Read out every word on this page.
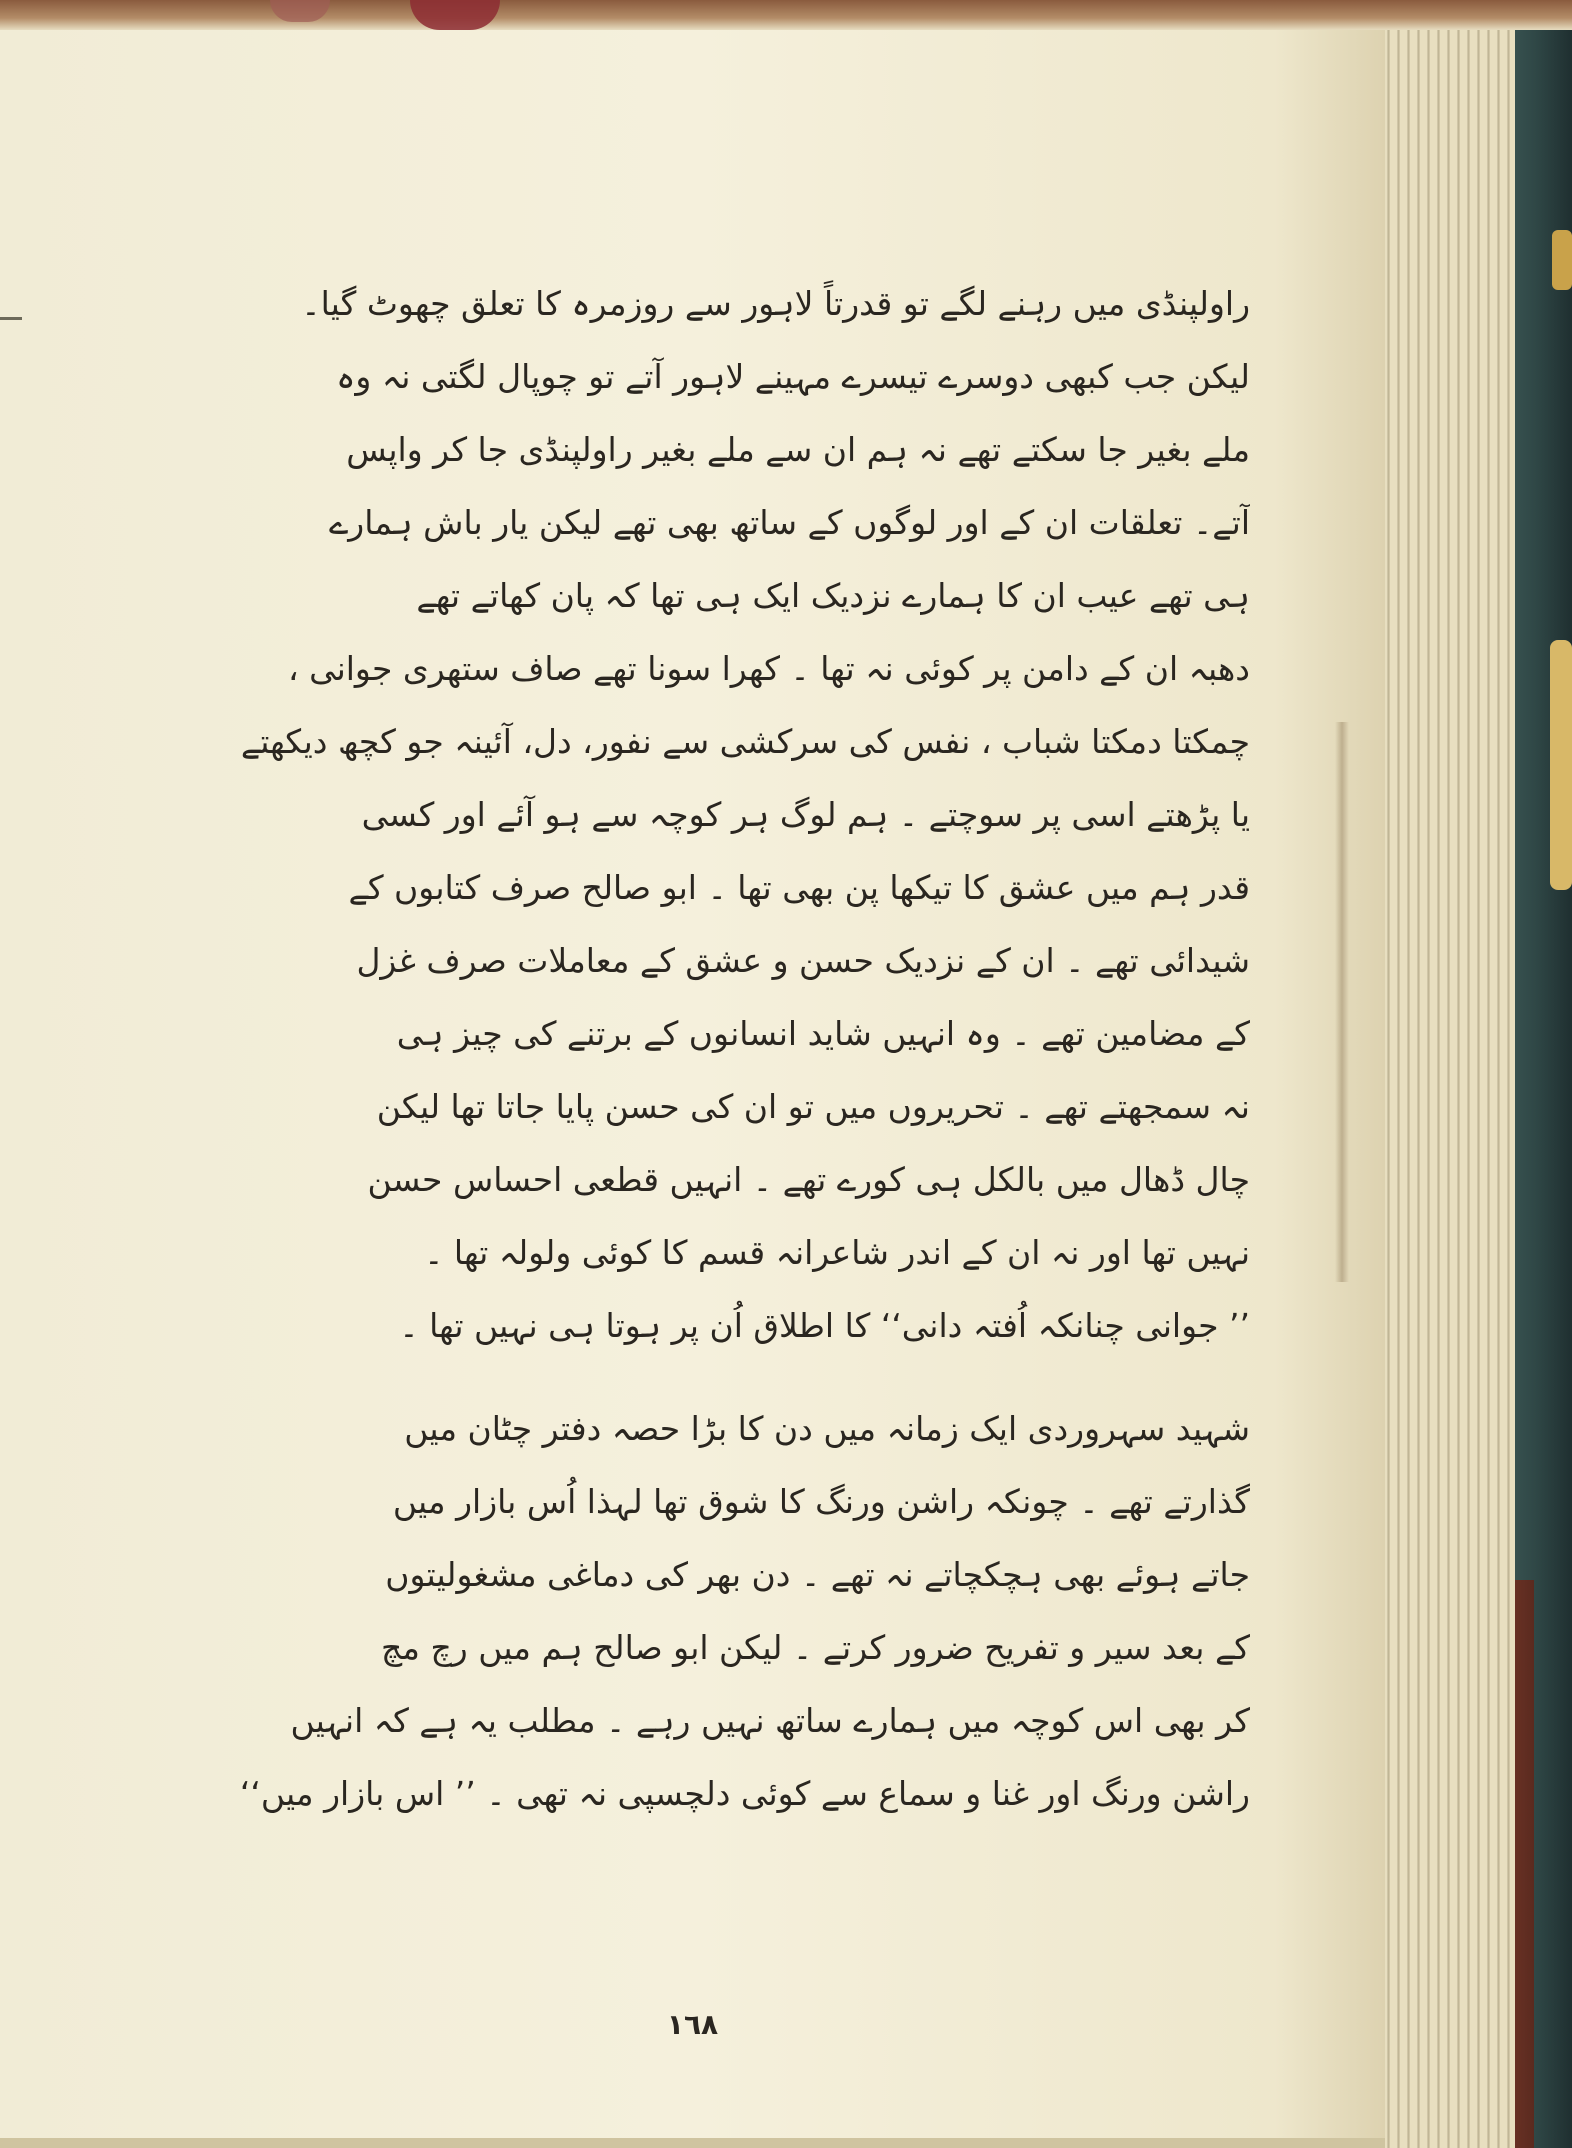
راولپنڈی میں رہنے لگے تو قدرتاً لاہور سے روزمرہ کا تعلق چھوٹ گیا۔
لیکن جب کبھی دوسرے تیسرے مہینے لاہور آتے تو چوپال لگتی نہ وہ
ملے بغیر جا سکتے تھے نہ ہم ان سے ملے بغیر راولپنڈی جا کر واپس
آتے۔ تعلقات ان کے اور لوگوں کے ساتھ بھی تھے لیکن یار باش ہمارے
ہی تھے عیب ان کا ہمارے نزدیک ایک ہی تھا کہ پان کھاتے تھے
دھبہ ان کے دامن پر کوئی نہ تھا ۔ کھرا سونا تھے صاف ستھری جوانی ،
چمکتا دمکتا شباب ، نفس کی سرکشی سے نفور، دل، آئینہ جو کچھ دیکھتے
یا پڑھتے اسی پر سوچتے ۔ ہم لوگ ہر کوچہ سے ہو آئے اور کسی
قدر ہم میں عشق کا تیکھا پن بھی تھا ۔ ابو صالح صرف کتابوں کے
شیدائی تھے ۔ ان کے نزدیک حسن و عشق کے معاملات صرف غزل
کے مضامین تھے ۔ وہ انہیں شاید انسانوں کے برتنے کی چیز ہی
نہ سمجھتے تھے ۔ تحریروں میں تو ان کی حسن پایا جاتا تھا لیکن
چال ڈھال میں بالکل ہی کورے تھے ۔ انہیں قطعی احساس حسن
نہیں تھا اور نہ ان کے اندر شاعرانہ قسم کا کوئی ولولہ تھا ۔
’’ جوانی چنانکہ اُفتہ دانی‘‘ کا اطلاق اُن پر ہوتا ہی نہیں تھا ۔
شہید سہروردی ایک زمانہ میں دن کا بڑا حصہ دفتر چٹان میں
گذارتے تھے ۔ چونکہ راشن ورنگ کا شوق تھا لہذا اُس بازار میں
جاتے ہوئے بھی ہچکچاتے نہ تھے ۔ دن بھر کی دماغی مشغولیتوں
کے بعد سیر و تفریح ضرور کرتے ۔ لیکن ابو صالح ہم میں رچ مچ
کر بھی اس کوچہ میں ہمارے ساتھ نہیں رہے ۔ مطلب یہ ہے کہ انہیں
راشن ورنگ اور غنا و سماع سے کوئی دلچسپی نہ تھی ۔ ’’ اس بازار میں‘‘
١٦٨
